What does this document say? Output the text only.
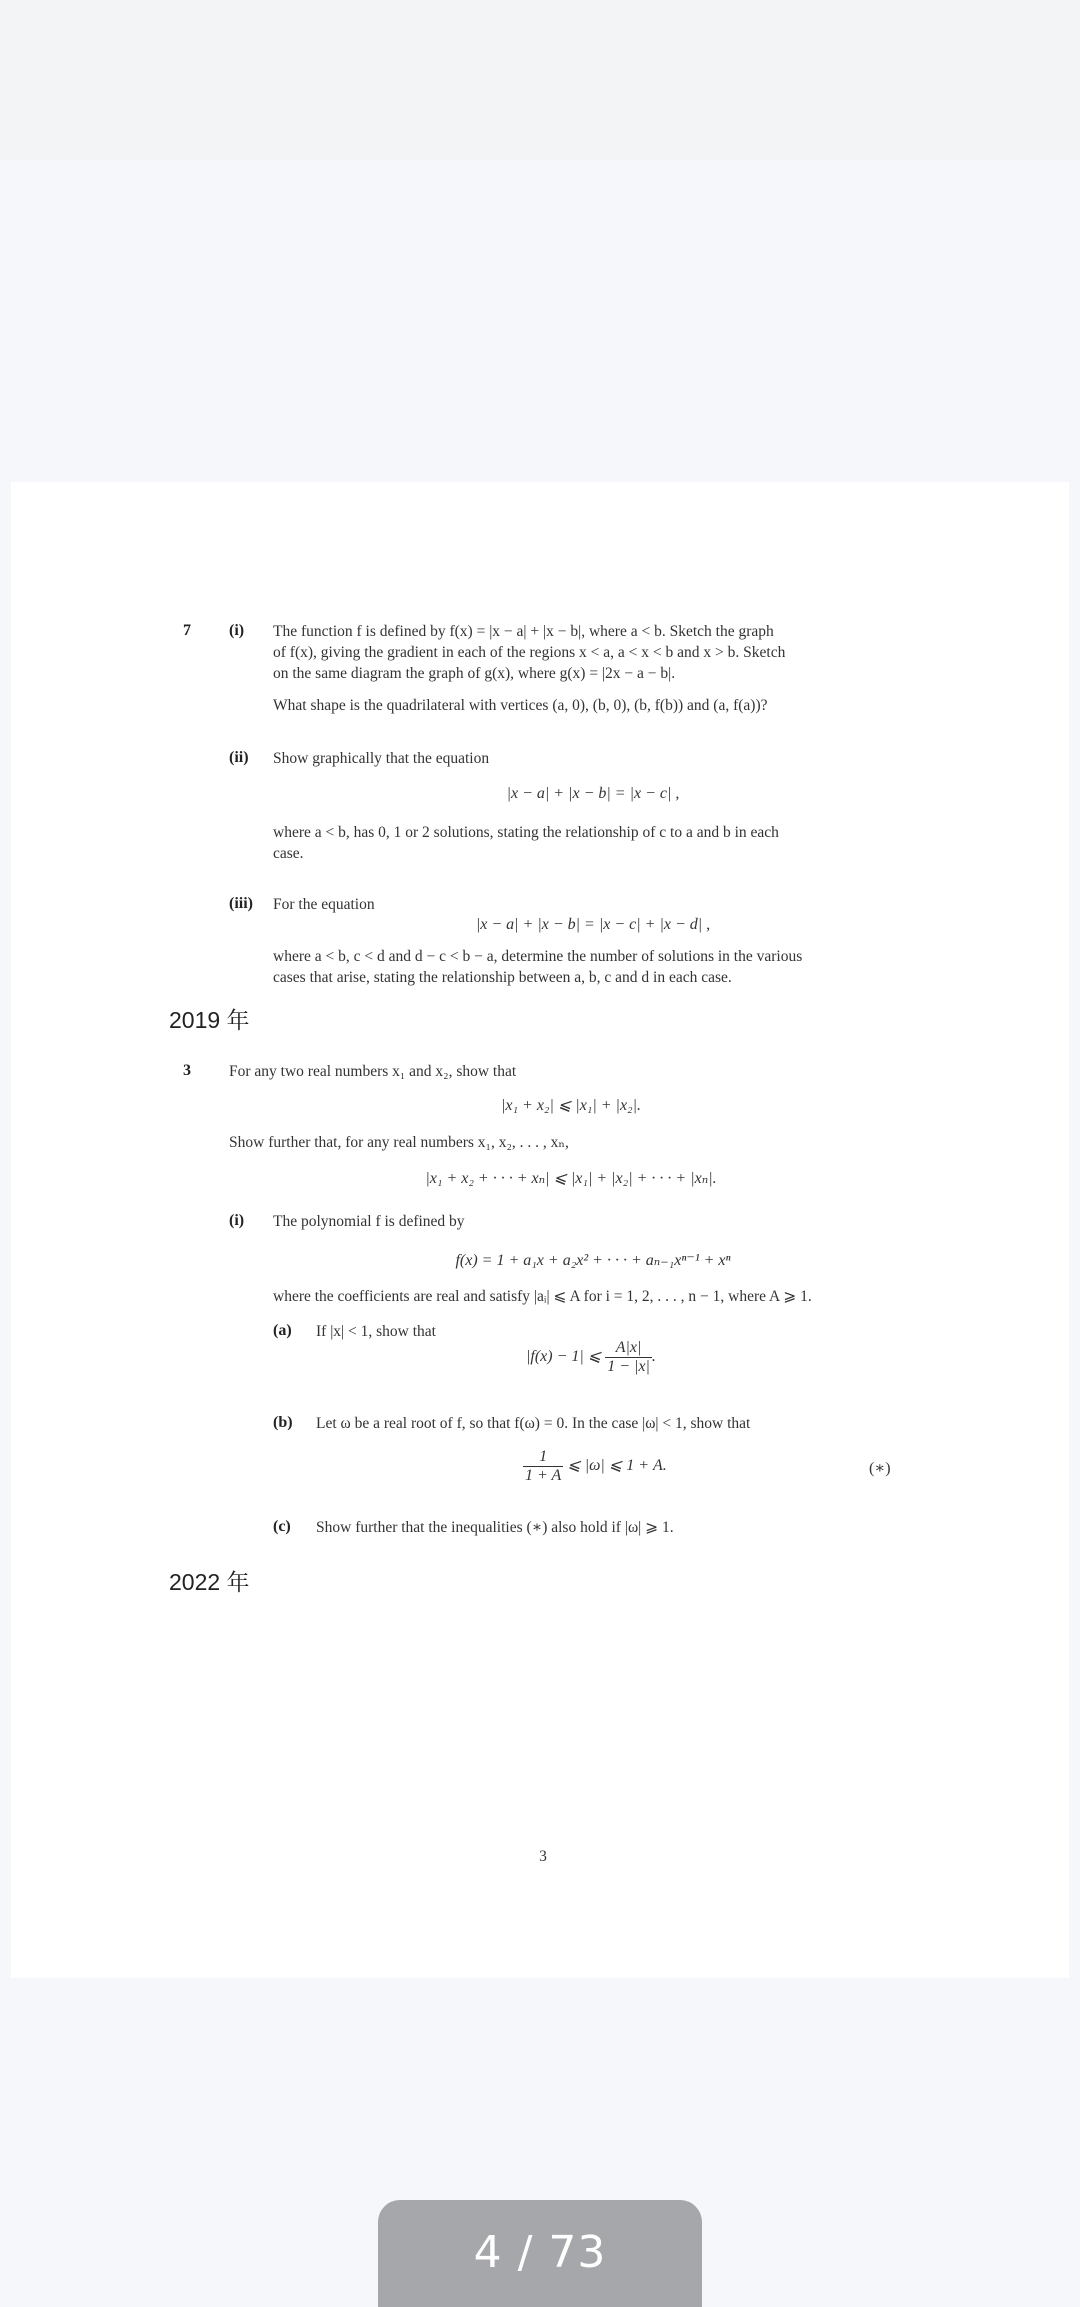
7 (i) The function f is defined by f(x) = |x − a| + |x − b|, where a < b. Sketch the graph
of f(x), giving the gradient in each of the regions x < a, a < x < b and x > b. Sketch
on the same diagram the graph of g(x), where g(x) = |2x − a − b|.
What shape is the quadrilateral with vertices (a, 0), (b, 0), (b, f(b)) and (a, f(a))?
(ii) Show graphically that the equation
|x − a| + |x − b| = |x − c| ,
where a < b, has 0, 1 or 2 solutions, stating the relationship of c to a and b in each
case.
(iii) For the equation
|x − a| + |x − b| = |x − c| + |x − d| ,
where a < b, c < d and d − c < b − a, determine the number of solutions in the various
cases that arise, stating the relationship between a, b, c and d in each case.
2019 年
3 For any two real numbers x₁ and x₂, show that
|x₁ + x₂| ⩽ |x₁| + |x₂|.
Show further that, for any real numbers x₁, x₂, . . . , xₙ,
|x₁ + x₂ + · · · + xₙ| ⩽ |x₁| + |x₂| + · · · + |xₙ|.
(i) The polynomial f is defined by
f(x) = 1 + a₁x + a₂x² + · · · + aₙ₋₁xⁿ⁻¹ + xⁿ
where the coefficients are real and satisfy |aᵢ| ⩽ A for i = 1, 2, . . . , n − 1, where A ⩾ 1.
(a) If |x| < 1, show that
|f(x) − 1| ⩽ $\frac{A|x|}{1 - |x|}$ .
(b) Let ω be a real root of f, so that f(ω) = 0. In the case |ω| < 1, show that
$\frac{1}{1 + A}$ ⩽ |ω| ⩽ 1 + A.	(∗)
(c) Show further that the inequalities (∗) also hold if |ω| ⩾ 1.
2022 年
3
4 / 73
